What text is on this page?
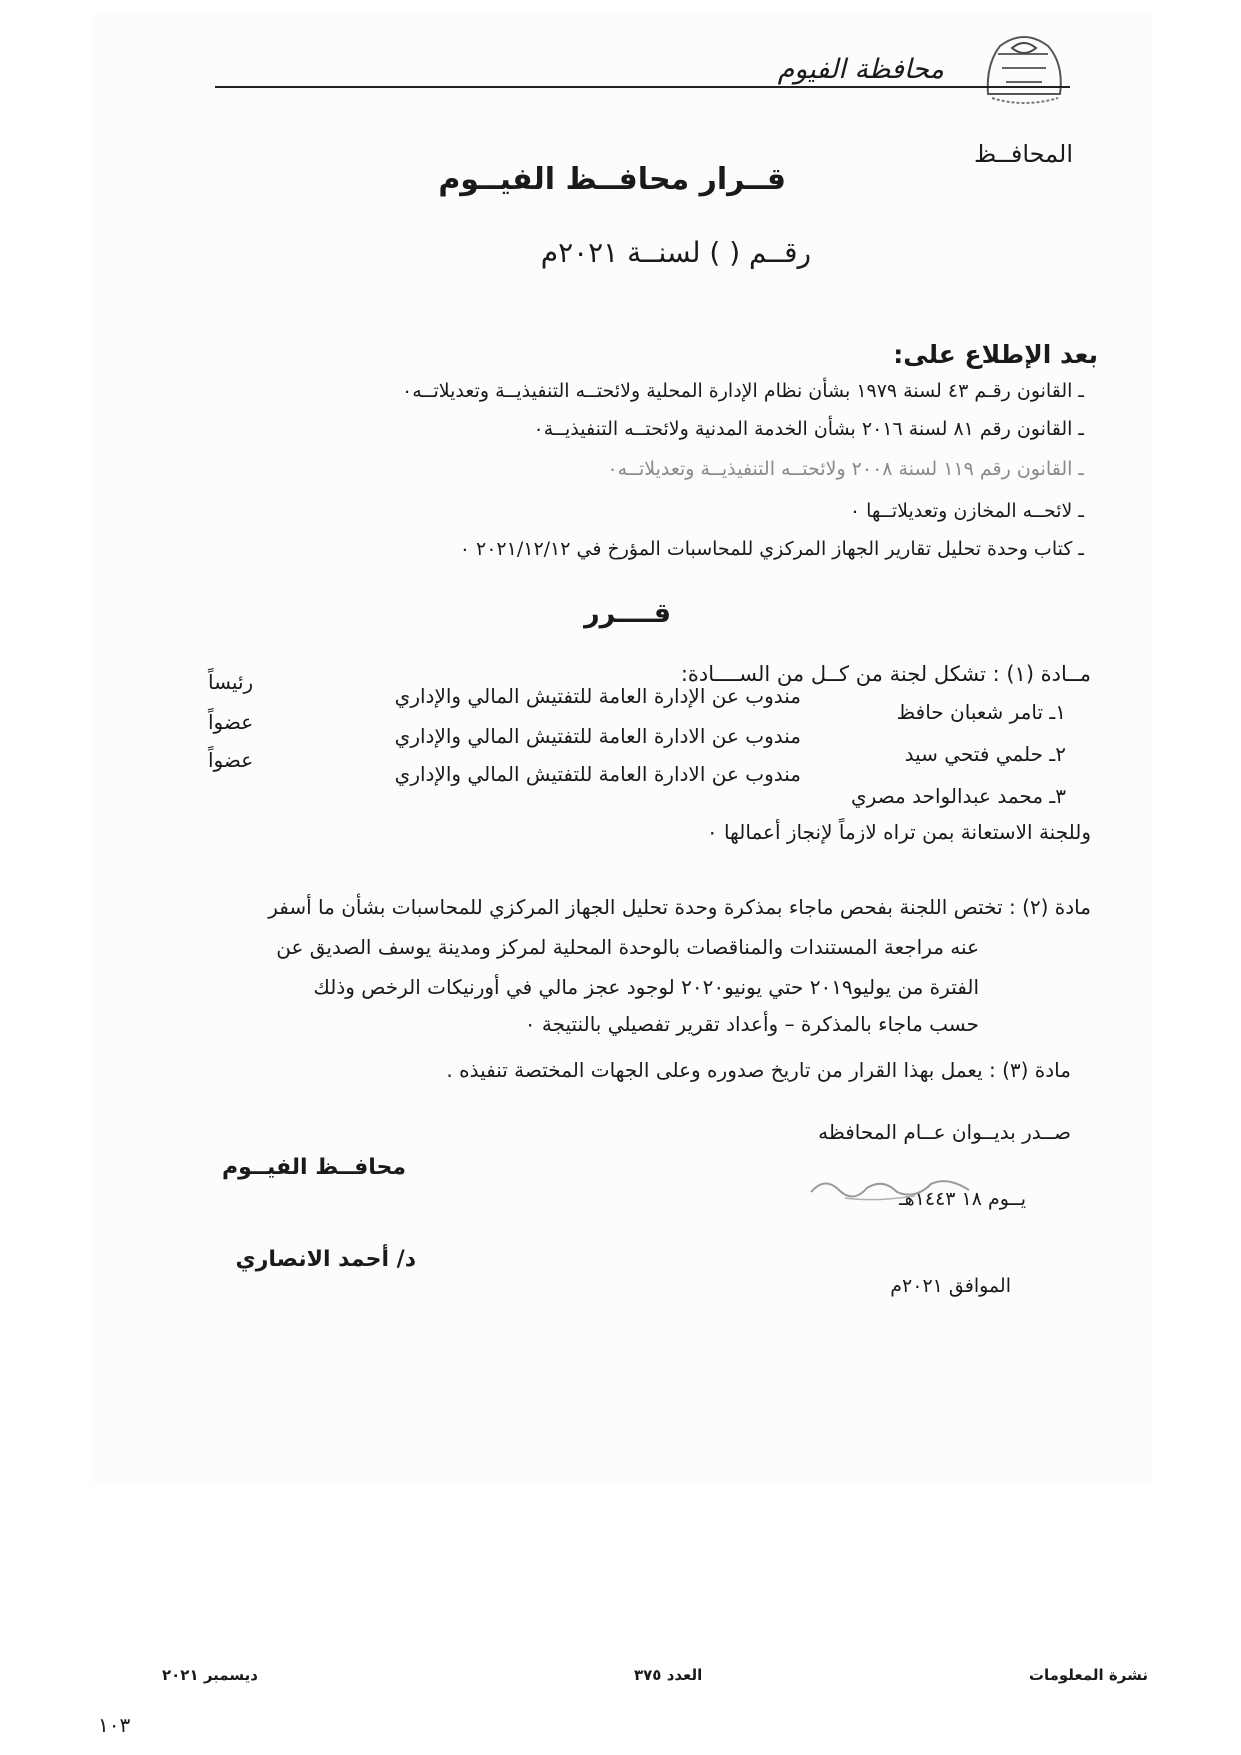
محافظة الفيوم
المحافــظ
قــرار محافــظ الفيــوم
رقــم ( ) لسنــة ٢٠٢١م
بعد الإطلاع على:
ـ القانون رقـم ٤٣ لسنة ١٩٧٩ بشأن نظام الإدارة المحلية ولائحتــه التنفيذيــة وتعديلاتــه٠
ـ القانون رقم ٨١ لسنة ٢٠١٦ بشأن الخدمة المدنية ولائحتــه التنفيذيــة٠
ـ القانون رقم ١١٩ لسنة ٢٠٠٨ ولائحتــه التنفيذيــة وتعديلاتــه٠
ـ لائحــه المخازن وتعديلاتــها ٠
ـ كتاب وحدة تحليل تقارير الجهاز المركزي للمحاسبات المؤرخ في ٢٠٢١/١٢/١٢ ٠
قــــرر
مــادة (١) : تشكل لجنة من كــل من الســــادة:
١ـ تامر شعبان حافظ
مندوب عن الإدارة العامة للتفتيش المالي والإداري
رئيساً
٢ـ حلمي فتحي سيد
مندوب عن الادارة العامة للتفتيش المالي والإداري
عضواً
٣ـ محمد عبدالواحد مصري
مندوب عن الادارة العامة للتفتيش المالي والإداري
عضواً
وللجنة الاستعانة بمن تراه لازماً لإنجاز أعمالها ٠
مادة (٢) : تختص اللجنة بفحص ماجاء بمذكرة وحدة تحليل الجهاز المركزي للمحاسبات بشأن ما أسفر
عنه مراجعة المستندات والمناقصات بالوحدة المحلية لمركز ومدينة يوسف الصديق عن
الفترة من يوليو٢٠١٩ حتي يونيو٢٠٢٠ لوجود عجز مالي في أورنيكات الرخص وذلك
حسب ماجاء بالمذكرة – وأعداد تقرير تفصيلي بالنتيجة ٠
مادة (٣) : يعمل بهذا القرار من تاريخ صدوره وعلى الجهات المختصة تنفيذه .
صــدر بديــوان عــام المحافظه
محافــظ الفيــوم
د/ أحمد الانصاري
يــوم ١٨ ١٤٤٣هـ
الموافق ٢٠٢١م
نشرة المعلومات
العدد ٣٧٥
ديسمبر ٢٠٢١
١٠٣
